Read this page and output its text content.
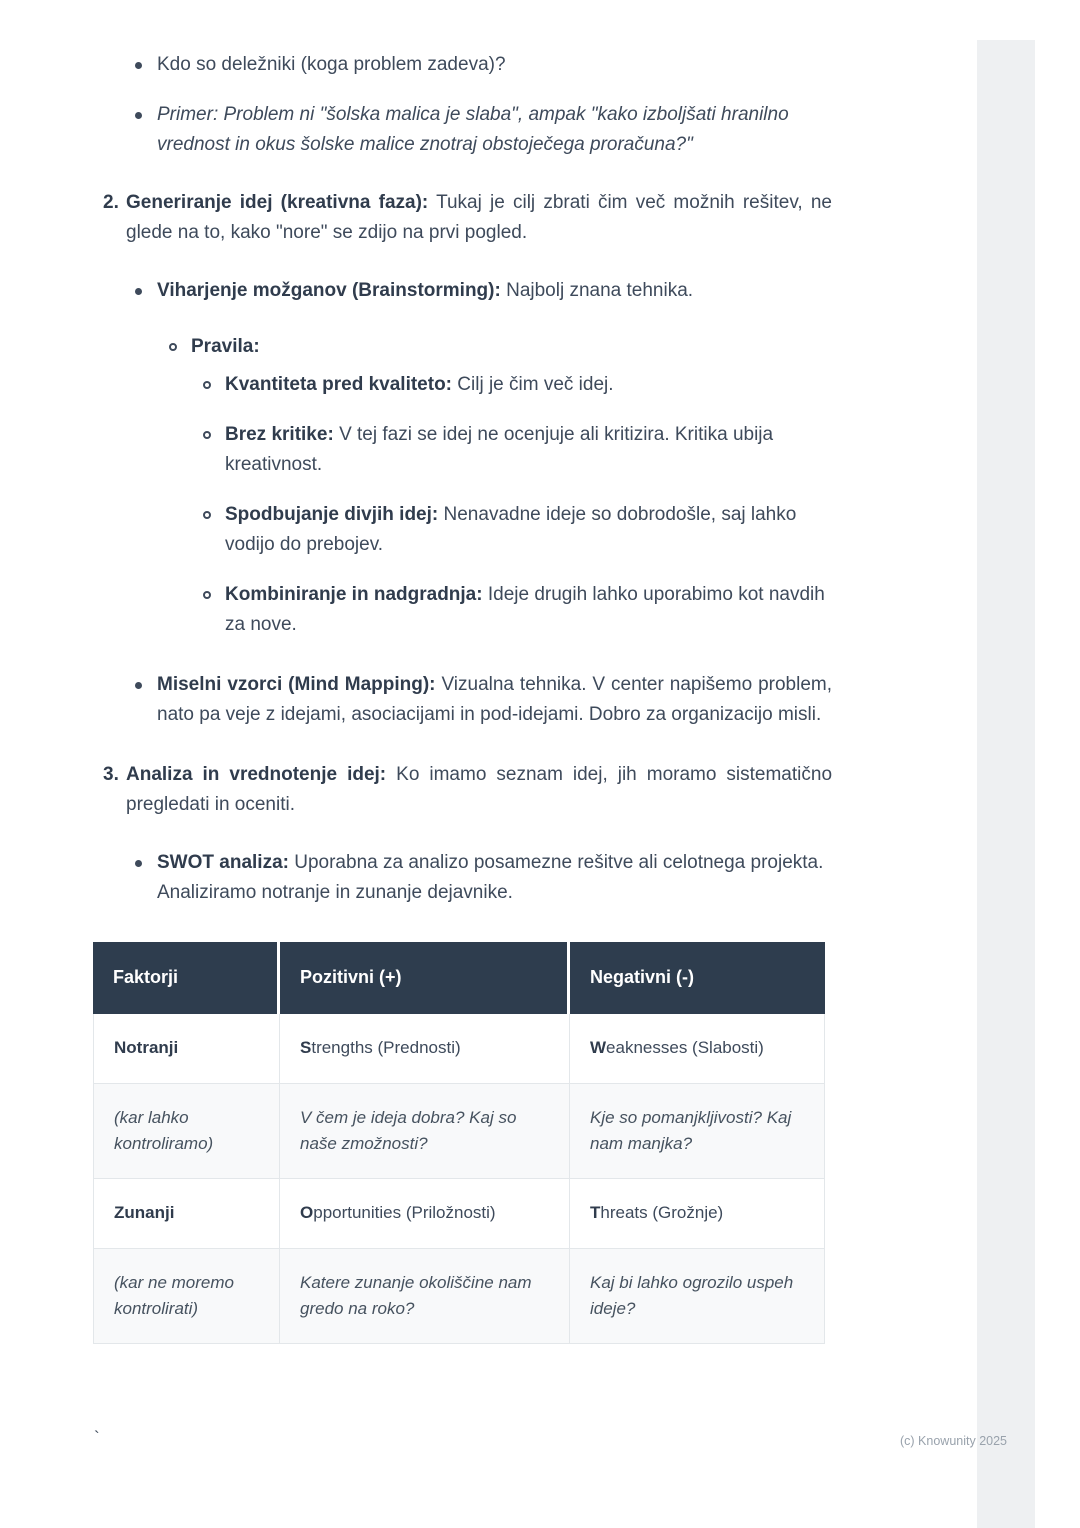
Kdo so deležniki (koga problem zadeva)?
Primer: Problem ni "šolska malica je slaba", ampak "kako izboljšati hranilno vrednost in okus šolske malice znotraj obstoječega proračuna?"
2. Generiranje idej (kreativna faza): Tukaj je cilj zbrati čim več možnih rešitev, ne glede na to, kako "nore" se zdijo na prvi pogled.
Viharjenje možganov (Brainstorming): Najbolj znana tehnika.
Pravila:
Kvantiteta pred kvaliteto: Cilj je čim več idej.
Brez kritike: V tej fazi se idej ne ocenjuje ali kritizira. Kritika ubija kreativnost.
Spodbujanje divjih idej: Nenavadne ideje so dobrodošle, saj lahko vodijo do prebojev.
Kombiniranje in nadgradnja: Ideje drugih lahko uporabimo kot navdih za nove.
Miselni vzorci (Mind Mapping): Vizualna tehnika. V center napišemo problem, nato pa veje z idejami, asociacijami in pod-idejami. Dobro za organizacijo misli.
3. Analiza in vrednotenje idej: Ko imamo seznam idej, jih moramo sistematično pregledati in oceniti.
SWOT analiza: Uporabna za analizo posamezne rešitve ali celotnega projekta. Analiziramo notranje in zunanje dejavnike.
Faktorji	Pozitivni (+)	Negativni (-)
Notranji	Strengths (Prednosti)	Weaknesses (Slabosti)
(kar lahko kontroliramo)	V čem je ideja dobra? Kaj so naše zmožnosti?	Kje so pomanjkljivosti? Kaj nam manjka?
Zunanji	Opportunities (Priložnosti)	Threats (Grožnje)
(kar ne moremo kontrolirati)	Katere zunanje okoliščine nam gredo na roko?	Kaj bi lahko ogrozilo uspeh ideje?
`	(c) Knowunity 2025
